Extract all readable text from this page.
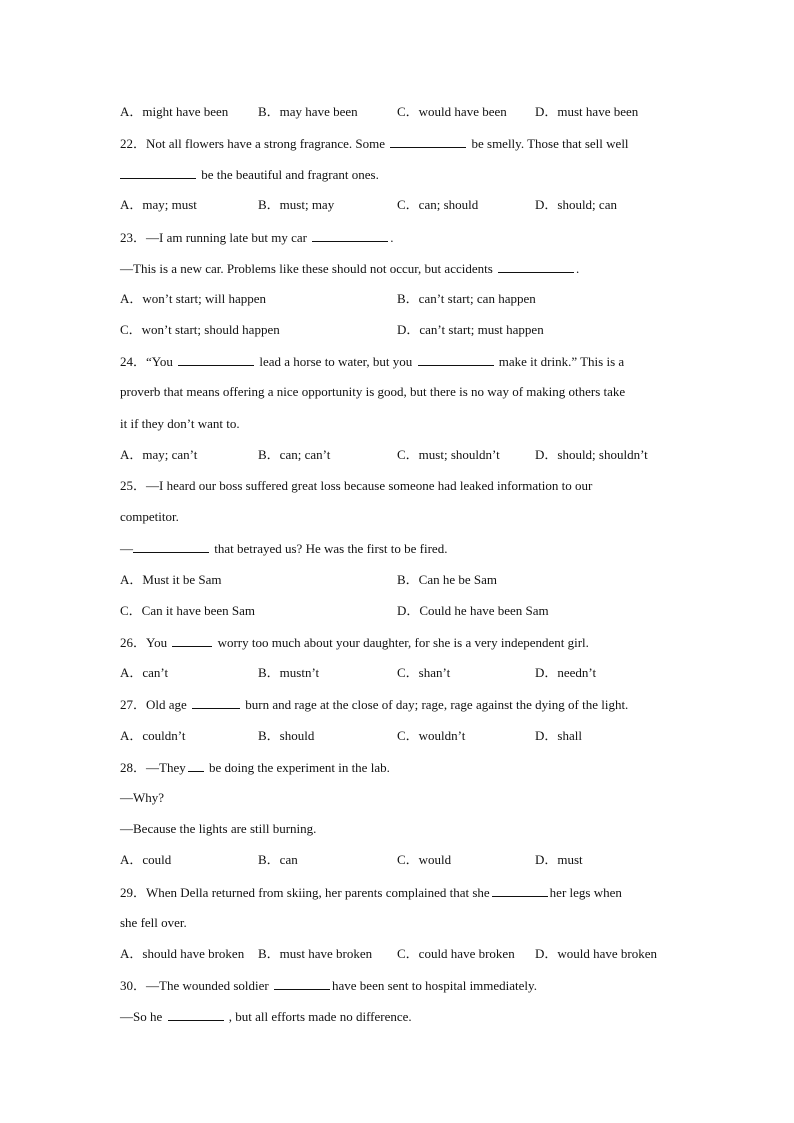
A．might have been B．may have been	C．would have been D．must have been
22．Not all flowers have a strong fragrance. Some	be smelly. Those that sell well
be the beautiful and fragrant ones.
A．may; must	B．must; may	C．can; should	D．should; can
23．—I am running late but my car	.
—This is a new car. Problems like these should not occur, but accidents	.
A．won’t start; will happen	B．can’t start; can happen
C．won’t start; should happen	D．can’t start; must happen
24．“You	lead a horse to water, but you	make it drink.” This is a
proverb that means offering a nice opportunity is good, but there is no way of making others take
it if they don’t want to.
A．may; can’t	B．can; can’t	C．must; shouldn’t	D．should; shouldn’t
25．—I heard our boss suffered great loss because someone had leaked information to our
competitor.
—	that betrayed us? He was the first to be fired.
A．Must it be Sam	B．Can he be Sam
C．Can it have been Sam	D．Could he have been Sam
26．You	worry too much about your daughter, for she is a very independent girl.
A．can’t	B．mustn’t	C．shan’t	D．needn’t
27．Old age	burn and rage at the close of day; rage, rage against the dying of the light.
A．couldn’t	B．should	C．wouldn’t	D．shall
28．—They be doing the experiment in the lab.
—Why?
—Because the lights are still burning.
A．could	B．can	C．would	D．must
29．When Della returned from skiing, her parents complained that she	her legs when
she fell over.
A．should have broken B．must have broken C．could have broken D．would have broken
30．—The wounded soldier	have been sent to hospital immediately.
—So he	, but all efforts made no difference.
